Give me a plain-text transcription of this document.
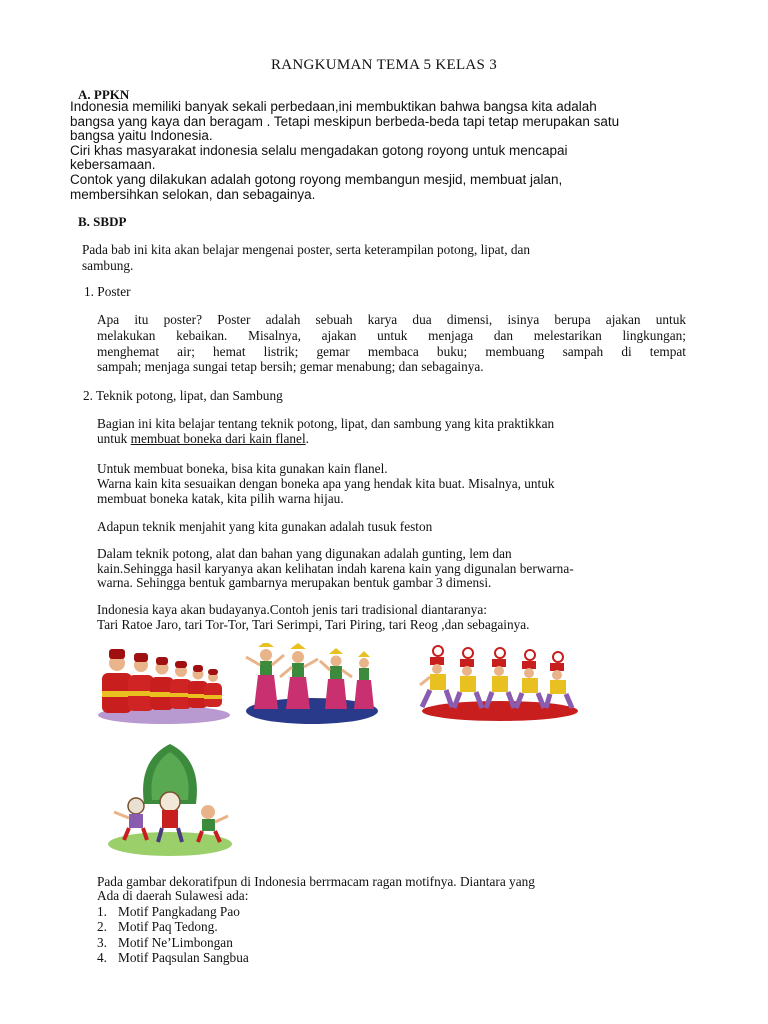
RANGKUMAN TEMA 5 KELAS 3
A. PPKN

Indonesia memiliki banyak sekali perbedaan,ini membuktikan bahwa bangsa kita adalah

bangsa yang kaya dan beragam . Tetapi meskipun berbeda-beda tapi tetap merupakan satu

bangsa yaitu Indonesia.

Ciri khas masyarakat indonesia selalu mengadakan gotong royong untuk mencapai

kebersamaan.

Contok yang dilakukan adalah gotong royong membangun mesjid, membuat jalan,

membersihkan selokan, dan sebagainya.

B. SBDP
Pada bab ini kita akan belajar mengenai poster, serta keterampilan potong, lipat, dan
sambung.
1. Poster
Apa itu poster? Poster adalah sebuah karya dua dimensi, isinya berupa ajakan untuk
melakukan kebaikan. Misalnya, ajakan untuk menjaga dan melestarikan lingkungan;
menghemat air; hemat listrik; gemar membaca buku; membuang sampah di tempat
sampah; menjaga sungai tetap bersih; gemar menabung; dan sebagainya.
2. Teknik potong, lipat, dan Sambung
Bagian ini kita belajar tentang teknik potong, lipat, dan sambung yang kita praktikkan
untuk membuat boneka dari kain flanel.
Untuk membuat boneka, bisa kita gunakan kain flanel.
Warna kain kita sesuaikan dengan boneka apa yang hendak kita buat. Misalnya, untuk
membuat boneka katak, kita pilih warna hijau.
Adapun teknik menjahit yang kita gunakan adalah tusuk feston
Dalam teknik potong, alat dan bahan yang digunakan adalah gunting, lem dan
kain.Sehingga hasil karyanya akan kelihatan indah karena kain yang digunalan berwarna-
warna. Sehingga bentuk gambarnya merupakan bentuk gambar 3 dimensi.
Indonesia kaya akan budayanya.Contoh jenis tari tradisional diantaranya:
Tari Ratoe Jaro, tari Tor-Tor, Tari Serimpi, Tari Piring, tari Reog ,dan sebagainya.
Pada gambar dekoratifpun di Indonesia berrmacam ragan motifnya. Diantara yang
Ada di daerah Sulawesi ada:
1. Motif Pangkadang Pao
2. Motif Paq Tedong.
3. Motif Ne’Limbongan
4. Motif Paqsulan Sangbua
